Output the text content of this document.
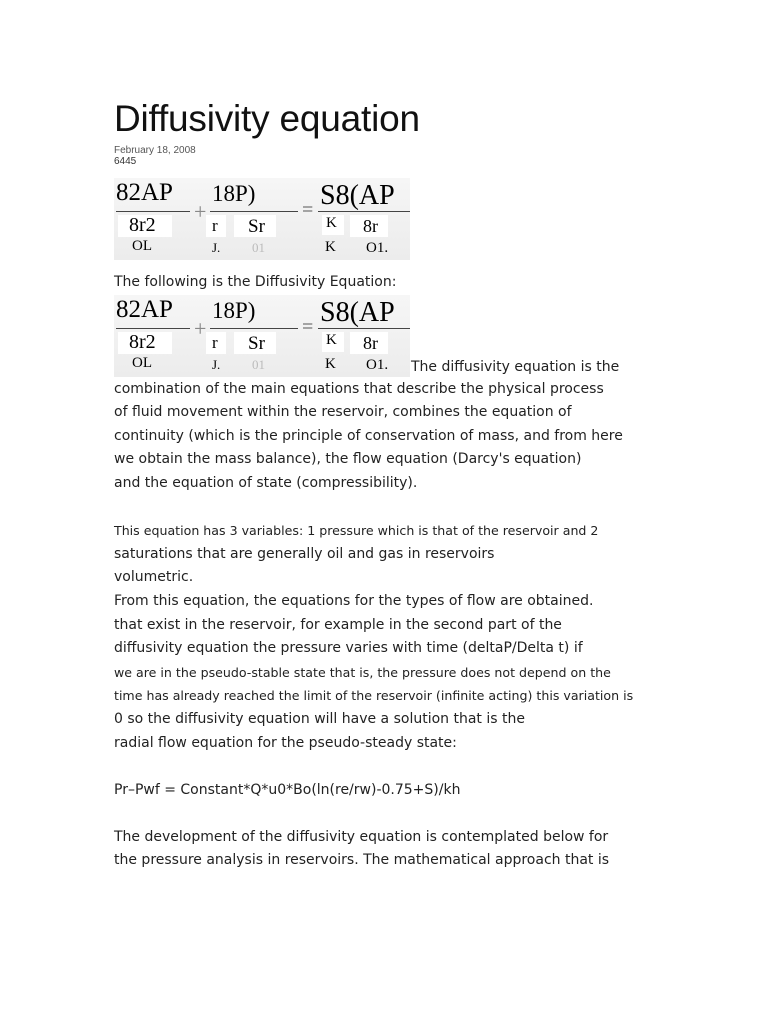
Diffusivity equation
February 18, 2008
6445
82AP
+
18P)
= S8(AP
8r2
OL
r
J.
Sr
01
K
K
8r
O1.

The following is the Diffusivity Equation:

82AP
+
18P)
= S8(AP
8r2
OL
r
J.
Sr
01
K
K
8r
O1. The diffusivity equation is the

combination of the main equations that describe the physical process

of fluid movement within the reservoir, combines the equation of

continuity (which is the principle of conservation of mass, and from here

we obtain the mass balance), the flow equation (Darcy's equation)

and the equation of state (compressibility).

This equation has 3 variables: 1 pressure which is that of the reservoir and 2

saturations that are generally oil and gas in reservoirs

volumetric.

From this equation, the equations for the types of flow are obtained.

that exist in the reservoir, for example in the second part of the

diffusivity equation the pressure varies with time (deltaP/Delta t) if

we are in the pseudo-stable state that is, the pressure does not depend on the

time has already reached the limit of the reservoir (infinite acting) this variation is

0 so the diffusivity equation will have a solution that is the

radial flow equation for the pseudo-steady state:

Pr–Pwf = Constant*Q*u0*Bo(ln(re/rw)-0.75+S)/kh

The development of the diffusivity equation is contemplated below for

the pressure analysis in reservoirs. The mathematical approach that is
